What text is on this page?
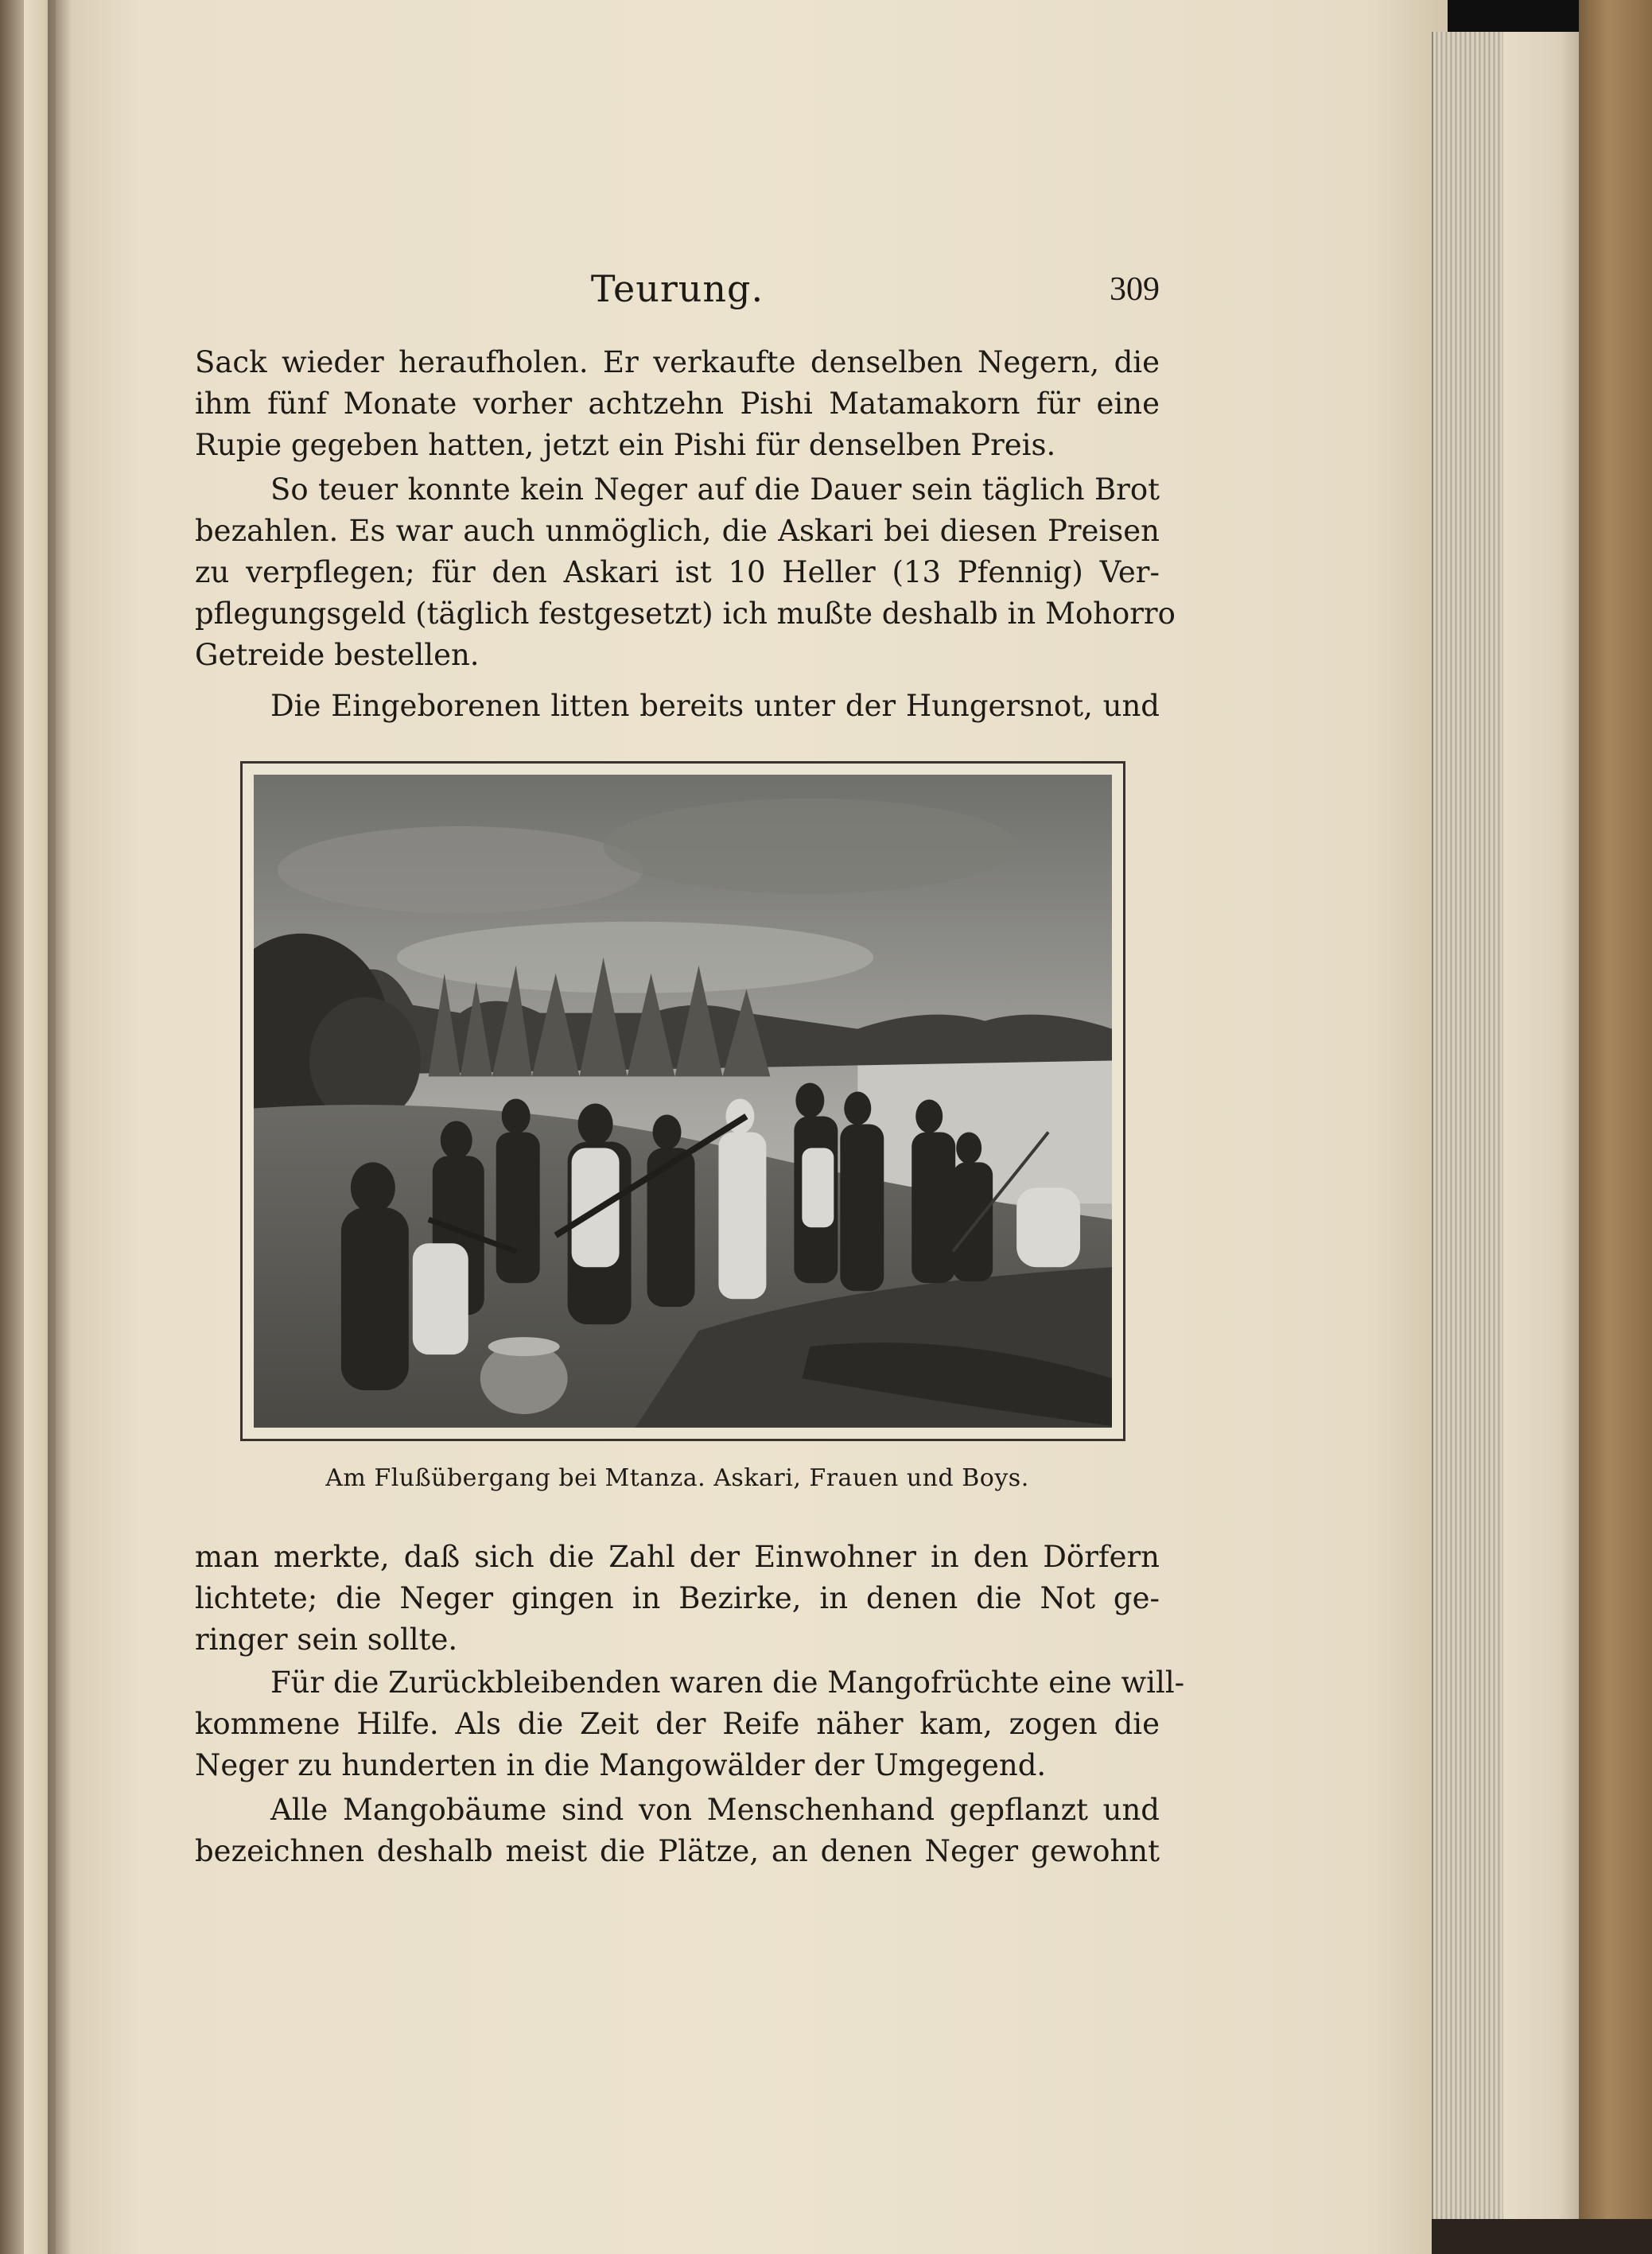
Teurung.	309
Sack wieder heraufholen. Er verkaufte denselben Negern, die
ihm fünf Monate vorher achtzehn Pishi Matamakorn für eine
Rupie gegeben hatten, jetzt ein Pishi für denselben Preis.
So teuer konnte kein Neger auf die Dauer sein täglich Brot
bezahlen. Es war auch unmöglich, die Askari bei diesen Preisen
zu verpflegen; für den Askari ist 10 Heller (13 Pfennig) Ver-
pflegungsgeld (täglich festgesetzt) ich mußte deshalb in Mohorro
Getreide bestellen.
Die Eingeborenen litten bereits unter der Hungersnot, und
Am Flußübergang bei Mtanza. Askari, Frauen und Boys.
man merkte, daß sich die Zahl der Einwohner in den Dörfern
lichtete; die Neger gingen in Bezirke, in denen die Not ge-
ringer sein sollte.
Für die Zurückbleibenden waren die Mangofrüchte eine will-
kommene Hilfe. Als die Zeit der Reife näher kam, zogen die
Neger zu hunderten in die Mangowälder der Umgegend.
Alle Mangobäume sind von Menschenhand gepflanzt und
bezeichnen deshalb meist die Plätze, an denen Neger gewohnt
